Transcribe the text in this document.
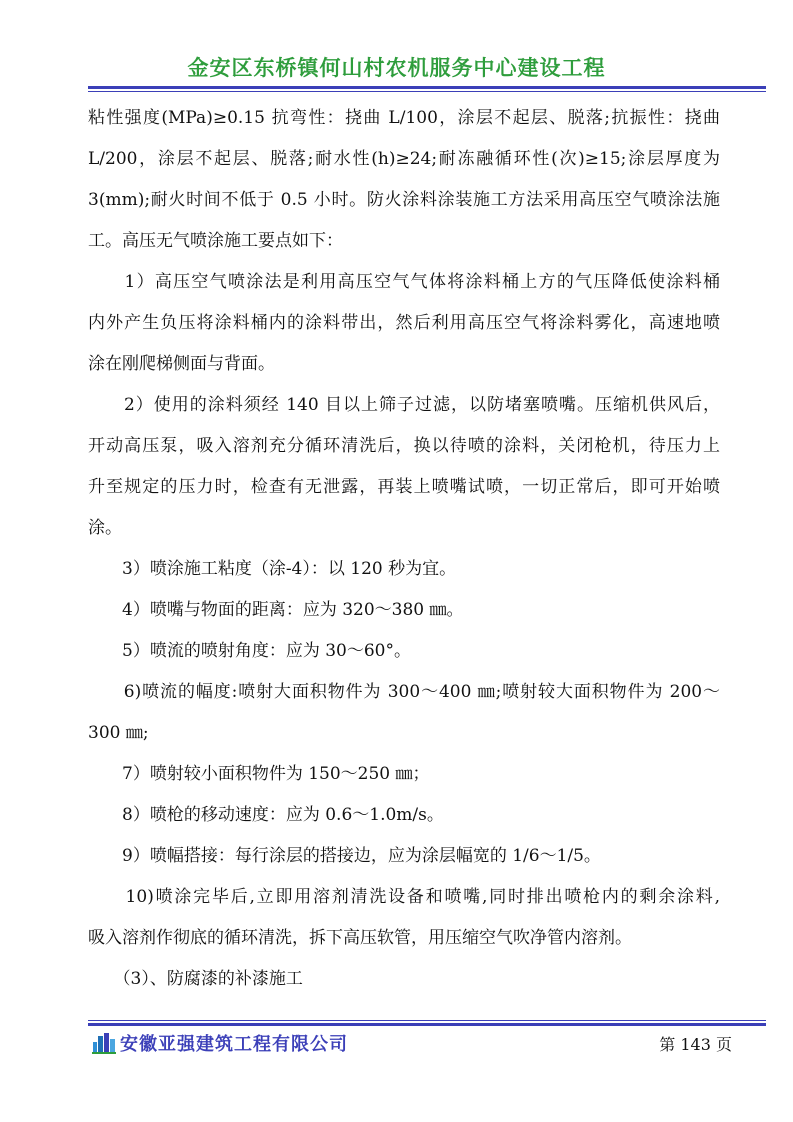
金安区东桥镇何山村农机服务中心建设工程
粘性强度(MPa)≥0.15 抗弯性：挠曲 L/100，涂层不起层、脱落;抗振性：挠曲
L/200，涂层不起层、脱落;耐水性(h)≥24;耐冻融循环性(次)≥15;涂层厚度为
3(mm);耐火时间不低于 0.5 小时。防火涂料涂装施工方法采用高压空气喷涂法施
工。高压无气喷涂施工要点如下：
　　1）高压空气喷涂法是利用高压空气气体将涂料桶上方的气压降低使涂料桶
内外产生负压将涂料桶内的涂料带出，然后利用高压空气将涂料雾化，高速地喷
涂在刚爬梯侧面与背面。
　　2）使用的涂料须经 140 目以上筛子过滤，以防堵塞喷嘴。压缩机供风后，
开动高压泵，吸入溶剂充分循环清洗后，换以待喷的涂料，关闭枪机，待压力上
升至规定的压力时，检查有无泄露，再装上喷嘴试喷，一切正常后，即可开始喷
涂。
　　3）喷涂施工粘度（涂-4）：以 120 秒为宜。
　　4）喷嘴与物面的距离：应为 320～380 ㎜。
　　5）喷流的喷射角度：应为 30～60°。
　　6)喷流的幅度:喷射大面积物件为 300～400 ㎜;喷射较大面积物件为 200～
300 ㎜;
　　7）喷射较小面积物件为 150～250 ㎜；
　　8）喷枪的移动速度：应为 0.6～1.0m/s。
　　9）喷幅搭接：每行涂层的搭接边，应为涂层幅宽的 1/6～1/5。
　　10)喷涂完毕后,立即用溶剂清洗设备和喷嘴,同时排出喷枪内的剩余涂料,
吸入溶剂作彻底的循环清洗，拆下高压软管，用压缩空气吹净管内溶剂。
　　（3）、防腐漆的补漆施工
安徽亚强建筑工程有限公司	第 143 页
